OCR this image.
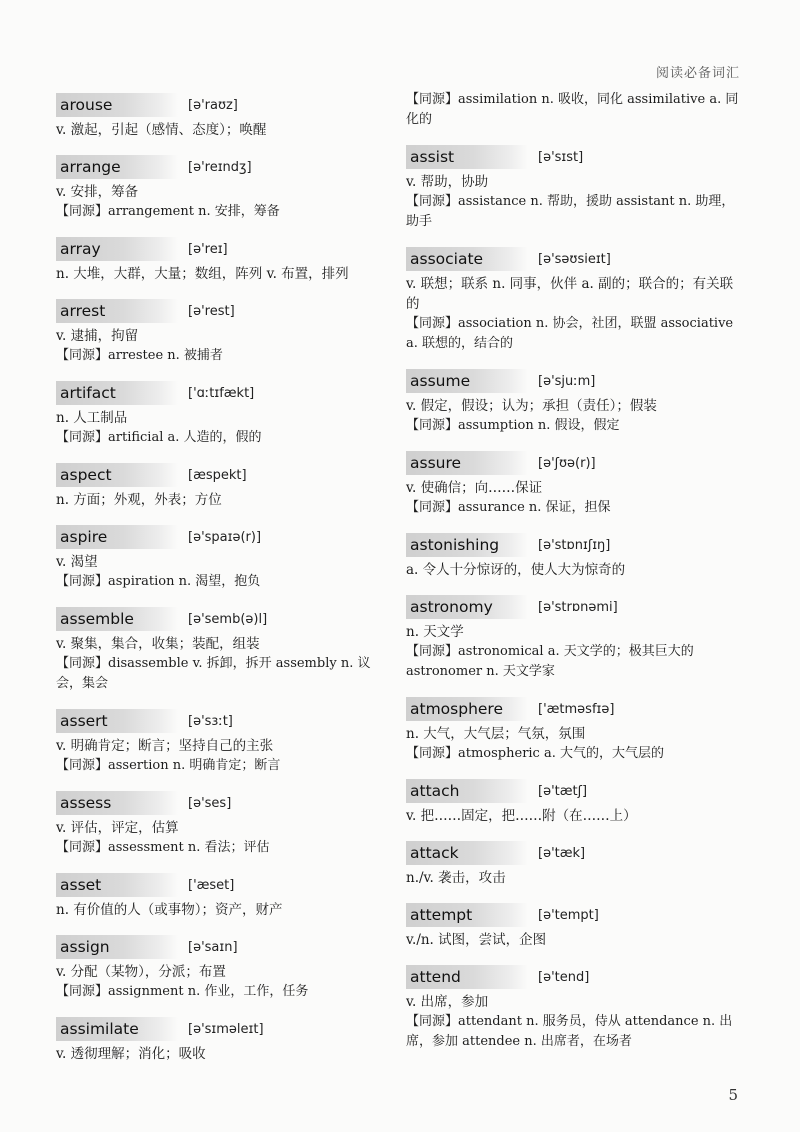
阅读必备词汇
arouse	[ə'raʊz]
v. 激起，引起（感情、态度）；唤醒
arrange	[ə'reɪndʒ]
v. 安排，筹备
【同源】arrangement n. 安排，筹备
array	[ə'reɪ]
n. 大堆，大群，大量；数组，阵列 v. 布置，排列
arrest	[ə'rest]
v. 逮捕，拘留
【同源】arrestee n. 被捕者
artifact	['ɑːtɪfækt]
n. 人工制品
【同源】artificial a. 人造的，假的
aspect	[æspekt]
n. 方面；外观，外表；方位
aspire	[ə'spaɪə(r)]
v. 渴望
【同源】aspiration n. 渴望，抱负
assemble	[ə'semb(ə)l]
v. 聚集，集合，收集；装配，组装
【同源】disassemble v. 拆卸，拆开 assembly n. 议会，集会
assert	[ə'sɜːt]
v. 明确肯定；断言；坚持自己的主张
【同源】assertion n. 明确肯定；断言
assess	[ə'ses]
v. 评估，评定，估算
【同源】assessment n. 看法；评估
asset	['æset]
n. 有价值的人（或事物）；资产，财产
assign	[ə'saɪn]
v. 分配（某物），分派；布置
【同源】assignment n. 作业，工作，任务
assimilate	[ə'sɪməleɪt]
v. 透彻理解；消化；吸收
【同源】assimilation n. 吸收，同化 assimilative a. 同化的
assist	[ə'sɪst]
v. 帮助，协助
【同源】assistance n. 帮助，援助 assistant n. 助理，助手
associate	[ə'səʊsieɪt]
v. 联想；联系 n. 同事，伙伴 a. 副的；联合的；有关联的
【同源】association n. 协会，社团，联盟 associative a. 联想的，结合的
assume	[ə'sjuːm]
v. 假定，假设；认为；承担（责任）；假装
【同源】assumption n. 假设，假定
assure	[ə'ʃʊə(r)]
v. 使确信；向……保证
【同源】assurance n. 保证，担保
astonishing	[ə'stɒnɪʃɪŋ]
a. 令人十分惊讶的，使人大为惊奇的
astronomy	[ə'strɒnəmi]
n. 天文学
【同源】astronomical a. 天文学的；极其巨大的 astronomer n. 天文学家
atmosphere	['ætməsfɪə]
n. 大气，大气层；气氛，氛围
【同源】atmospheric a. 大气的，大气层的
attach	[ə'tætʃ]
v. 把……固定，把……附（在……上）
attack	[ə'tæk]
n./v. 袭击，攻击
attempt	[ə'tempt]
v./n. 试图，尝试，企图
attend	[ə'tend]
v. 出席，参加
【同源】attendant n. 服务员，侍从 attendance n. 出席，参加 attendee n. 出席者，在场者
5
